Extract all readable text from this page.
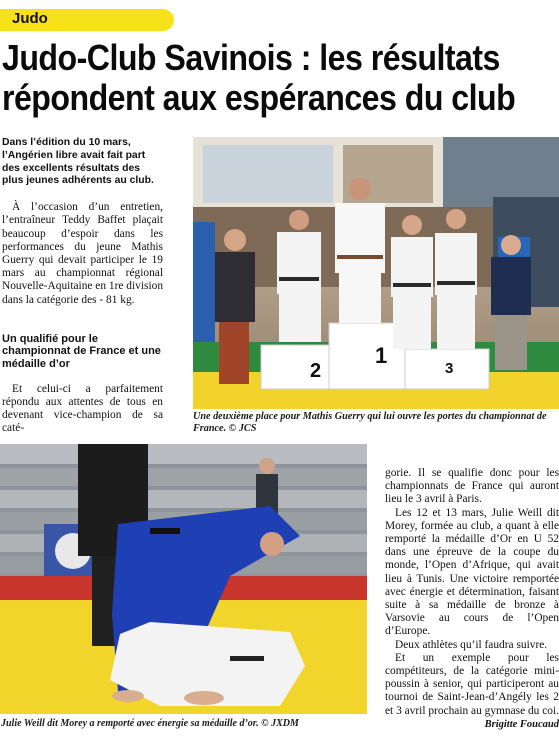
Judo
Judo-Club Savinois : les résultats
répondent aux espérances du club

Dans l’édition du 10 mars, l’Angérien libre avait fait part des excellents résultats des plus jeunes adhérents au club.

À l’occasion d’un entretien, l’entraîneur Teddy Baffet plaçait beaucoup d’espoir dans les performances du jeune Mathis Guerry qui devait participer le 19 mars au championnat régional Nouvelle-Aquitaine en 1re division dans la catégorie des - 81 kg.

Un qualifié pour le championnat de France et une médaille d’or

Et celui-ci a parfaitement répondu aux attentes de tous en devenant vice-champion de sa caté-

2
1
3

Une deuxième place pour Mathis Guerry qui lui ouvre les portes du championnat de France. © JCS

Julie Weill dit Morey a remporté avec énergie sa médaille d’or. © JXDM

gorie. Il se qualifie donc pour les championnats de France qui auront lieu le 3 avril à Paris.

Les 12 et 13 mars, Julie Weill dit Morey, formée au club, a quant à elle remporté la médaille d’Or en U 52 dans une épreuve de la coupe du monde, l’Open d’Afrique, qui avait lieu à Tunis. Une victoire remportée avec énergie et détermination, faisant suite à sa médaille de bronze à Varsovie au cours de l’Open d’Europe.

Deux athlètes qu’il faudra suivre.

Et un exemple pour les compétiteurs, de la catégorie mini-poussin à senior, qui participeront au tournoi de Saint-Jean-d’Angély les 2 et 3 avril prochain au gymnase du coi.

Brigitte Foucaud
